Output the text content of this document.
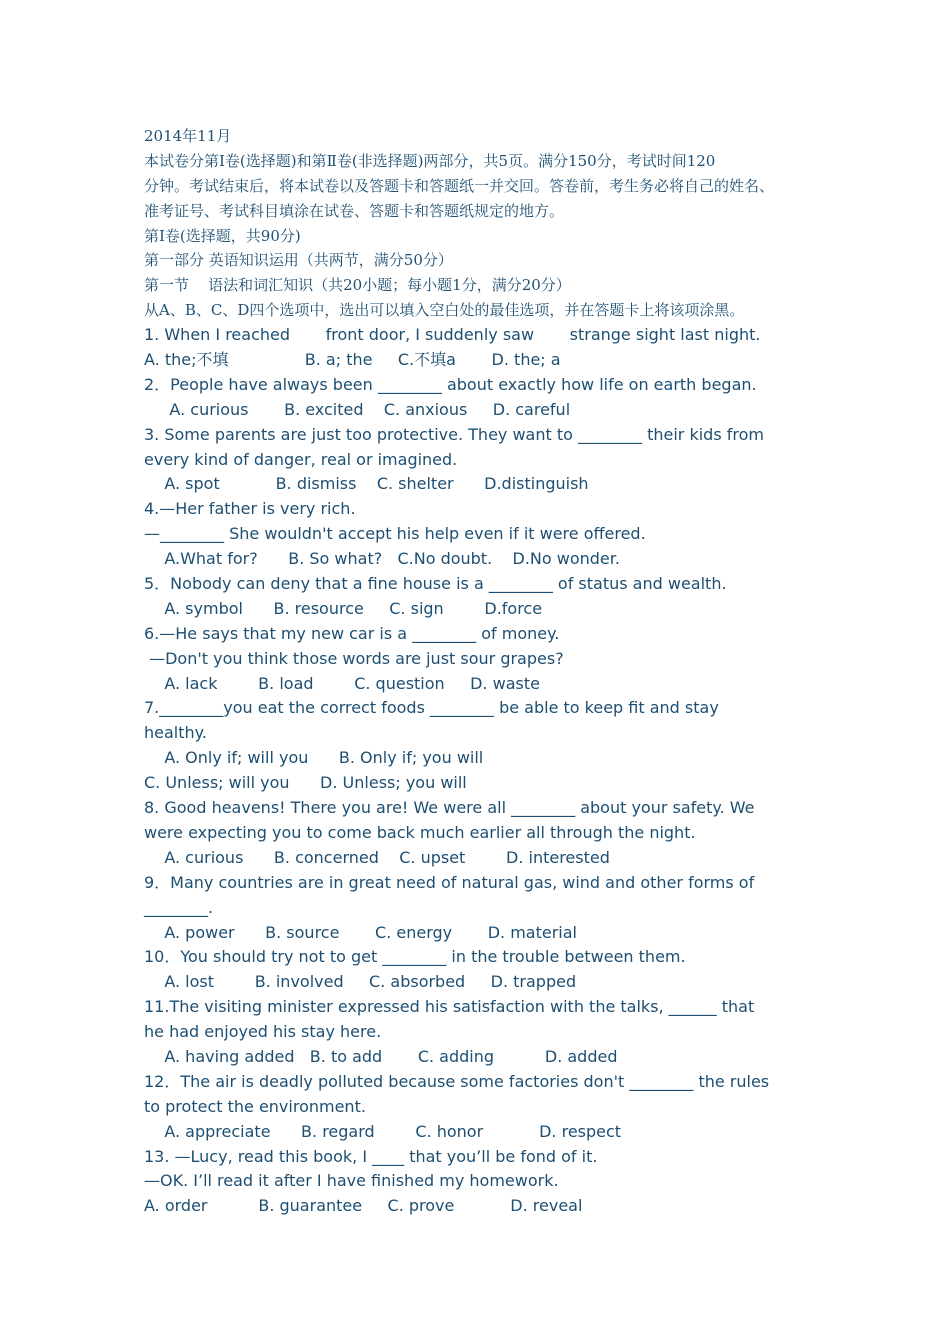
2014年11月
本试卷分第Ⅰ卷(选择题)和第Ⅱ卷(非选择题)两部分，共5页。满分150分，考试时间120
分钟。考试结束后，将本试卷以及答题卡和答题纸一并交回。答卷前，考生务必将自己的姓名、
准考证号、考试科目填涂在试卷、答题卡和答题纸规定的地方。
第Ⅰ卷(选择题，共90分)
第一部分 英语知识运用（共两节，满分50分）
第一节    语法和词汇知识（共20小题；每小题1分，满分20分）
从A、B、C、D四个选项中，选出可以填入空白处的最佳选项，并在答题卡上将该项涂黑。
1. When I reached       front door, I suddenly saw       strange sight last night.
A. the;不填               B. a; the     C.不填a       D. the; a
2．People have always been ________ about exactly how life on earth began.
A. curious       B. excited    C. anxious     D. careful
3. Some parents are just too protective. They want to ________ their kids from
every kind of danger, real or imagined.
A. spot           B. dismiss    C. shelter      D.distinguish
4.—Her father is very rich.
—________ She wouldn't accept his help even if it were offered.
A.What for?      B. So what?   C.No doubt.    D.No wonder.
5．Nobody can deny that a fine house is a ________ of status and wealth.
A. symbol      B. resource     C. sign        D.force
6.—He says that my new car is a ________ of money.
—Don't you think those words are just sour grapes?
A. lack        B. load        C. question     D. waste
7.________you eat the correct foods ________ be able to keep fit and stay
healthy.
A. Only if; will you      B. Only if; you will
C. Unless; will you      D. Unless; you will
8. Good heavens! There you are! We were all ________ about your safety. We
were expecting you to come back much earlier all through the night.
A. curious      B. concerned    C. upset        D. interested
9．Many countries are in great need of natural gas, wind and other forms of
________.
A. power      B. source       C. energy       D. material
10．You should try not to get ________ in the trouble between them.
A. lost        B. involved     C. absorbed     D. trapped
11.The visiting minister expressed his satisfaction with the talks, ______ that
he had enjoyed his stay here.
A. having added   B. to add       C. adding          D. added
12．The air is deadly polluted because some factories don't ________ the rules
to protect the environment.
A. appreciate      B. regard        C. honor           D. respect
13. —Lucy, read this book, I ____ that you’ll be fond of it.
—OK. I’ll read it after I have finished my homework.
A. order          B. guarantee     C. prove           D. reveal
